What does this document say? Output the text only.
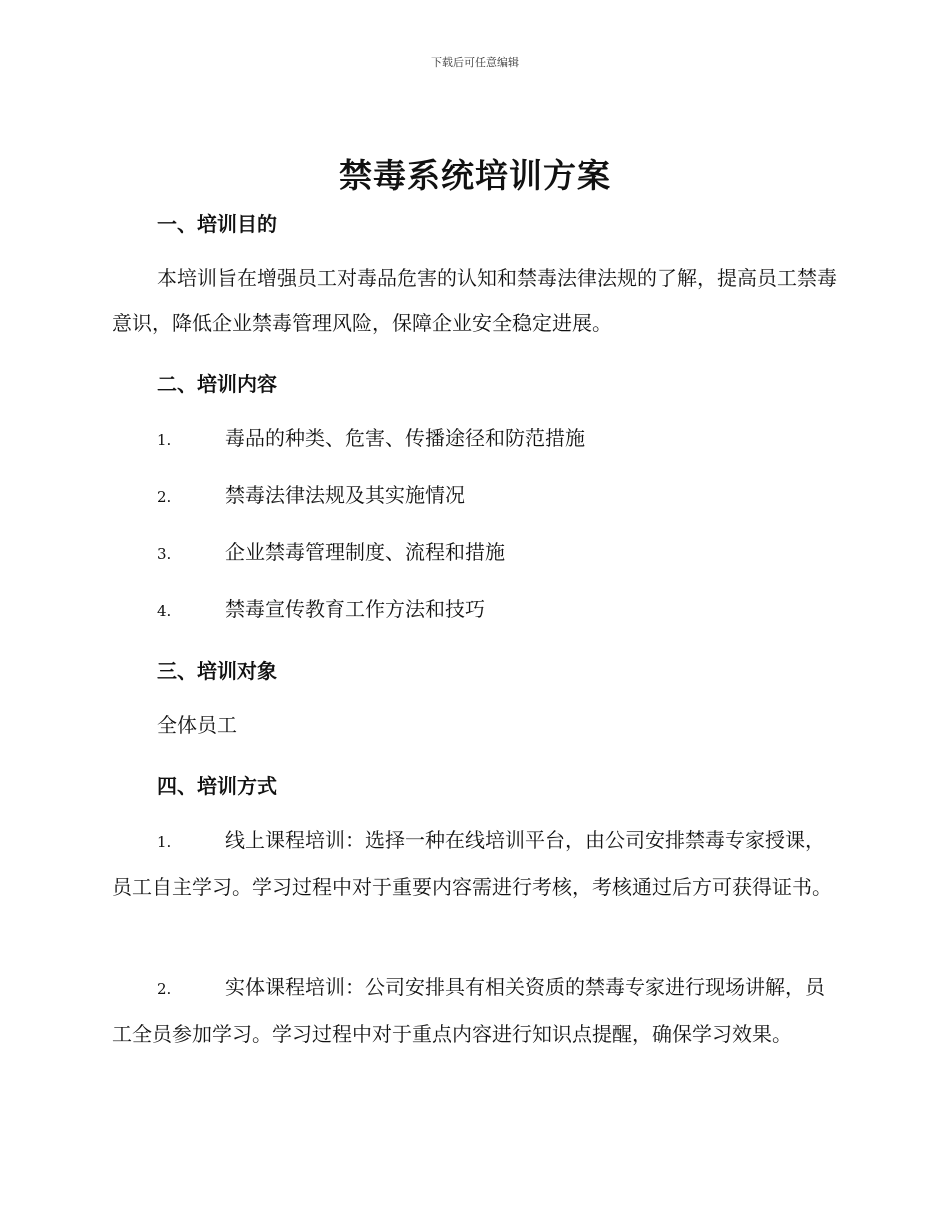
下载后可任意编辑
禁毒系统培训方案
一、培训目的
本培训旨在增强员工对毒品危害的认知和禁毒法律法规的了解，提高员工禁毒意识，降低企业禁毒管理风险，保障企业安全稳定进展。
二、培训内容
1.	毒品的种类、危害、传播途径和防范措施
2.	禁毒法律法规及其实施情况
3.	企业禁毒管理制度、流程和措施
4.	禁毒宣传教育工作方法和技巧
三、培训对象
全体员工
四、培训方式
1.	线上课程培训：选择一种在线培训平台，由公司安排禁毒专家授课，员工自主学习。学习过程中对于重要内容需进行考核，考核通过后方可获得证书。
2.	实体课程培训：公司安排具有相关资质的禁毒专家进行现场讲解，员工全员参加学习。学习过程中对于重点内容进行知识点提醒，确保学习效果。
